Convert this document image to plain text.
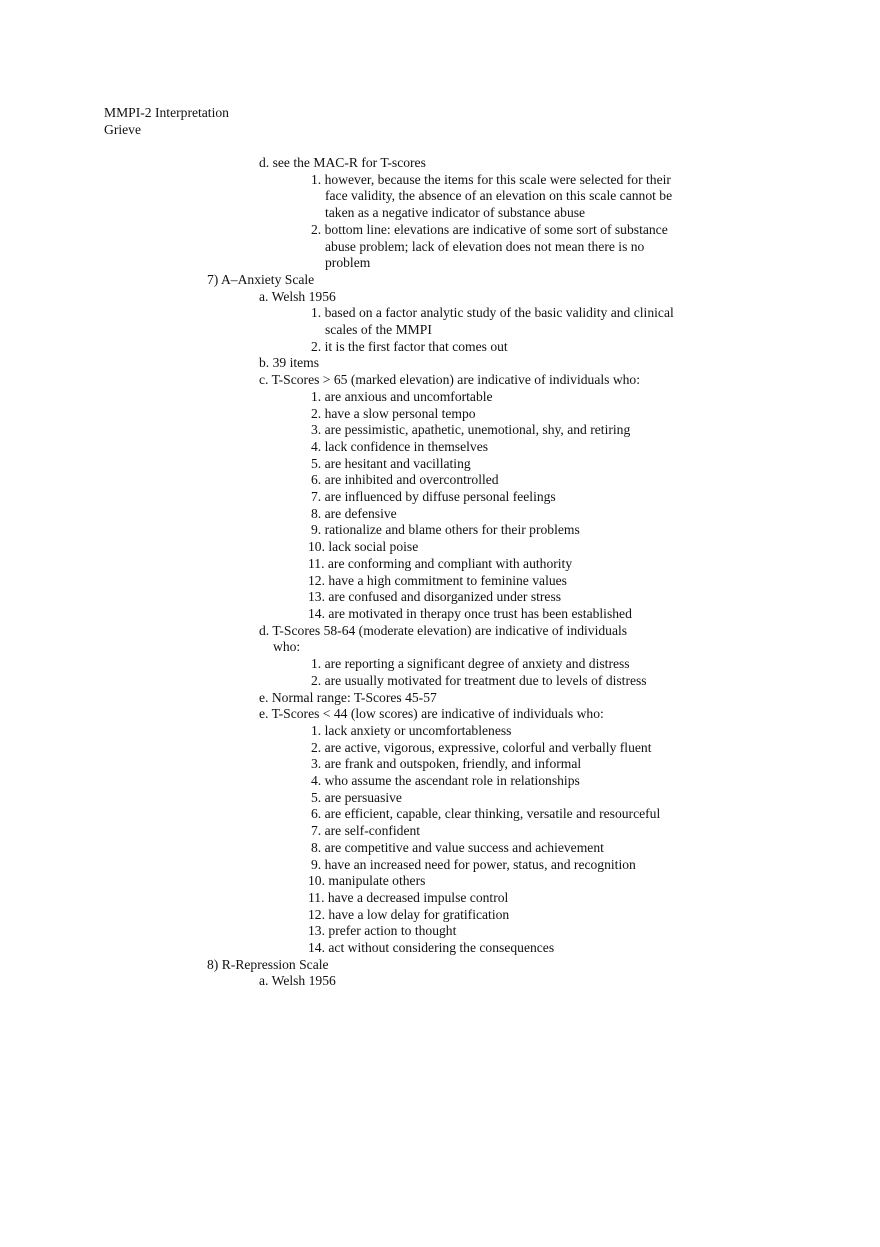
MMPI-2 Interpretation
Grieve
d. see the MAC-R for T-scores
1. however, because the items for this scale were selected for their
face validity, the absence of an elevation on this scale cannot be
taken as a negative indicator of substance abuse
2. bottom line: elevations are indicative of some sort of substance
abuse problem; lack of elevation does not mean there is no
problem
7) A–Anxiety Scale
a. Welsh 1956
1. based on a factor analytic study of the basic validity and clinical
scales of the MMPI
2. it is the first factor that comes out
b. 39 items
c. T-Scores > 65 (marked elevation) are indicative of individuals who:
1. are anxious and uncomfortable
2. have a slow personal tempo
3. are pessimistic, apathetic, unemotional, shy, and retiring
4. lack confidence in themselves
5. are hesitant and vacillating
6. are inhibited and overcontrolled
7. are influenced by diffuse personal feelings
8. are defensive
9. rationalize and blame others for their problems
10. lack social poise
11. are conforming and compliant with authority
12. have a high commitment to feminine values
13. are confused and disorganized under stress
14. are motivated in therapy once trust has been established
d. T-Scores 58-64 (moderate elevation) are indicative of individuals
who:
1. are reporting a significant degree of anxiety and distress
2. are usually motivated for treatment due to levels of distress
e. Normal range: T-Scores 45-57
e. T-Scores < 44 (low scores) are indicative of individuals who:
1. lack anxiety or uncomfortableness
2. are active, vigorous, expressive, colorful and verbally fluent
3. are frank and outspoken, friendly, and informal
4. who assume the ascendant role in relationships
5. are persuasive
6. are efficient, capable, clear thinking, versatile and resourceful
7. are self-confident
8. are competitive and value success and achievement
9. have an increased need for power, status, and recognition
10. manipulate others
11. have a decreased impulse control
12. have a low delay for gratification
13. prefer action to thought
14. act without considering the consequences
8) R-Repression Scale
a. Welsh 1956
